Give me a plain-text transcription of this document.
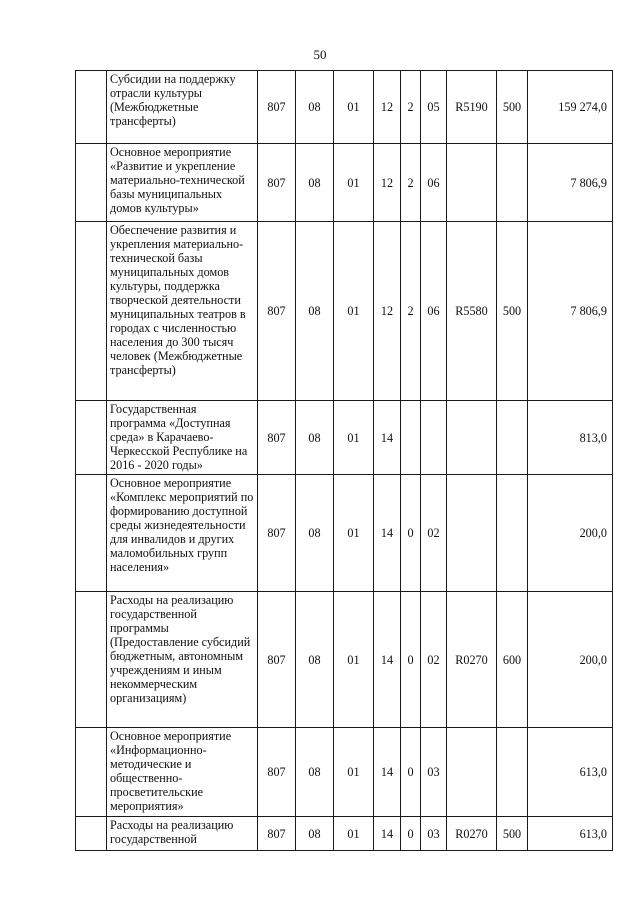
50
	Субсидии на поддержку отрасли культуры (Межбюджетные трансферты)	807	08	01	12	2	05	R5190	500	159 274,0
	Основное мероприятие «Развитие и укрепление материально-технической базы муниципальных домов культуры»	807	08	01	12	2	06			7 806,9
	Обеспечение развития и укрепления материально-технической базы муниципальных домов культуры, поддержка творческой деятельности муниципальных театров в городах с численностью населения до 300 тысяч человек (Межбюджетные трансферты)	807	08	01	12	2	06	R5580	500	7 806,9
	Государственная программа «Доступная среда» в Карачаево-Черкесской Республике на 2016 - 2020 годы»	807	08	01	14					813,0
	Основное мероприятие «Комплекс мероприятий по формированию доступной среды жизнедеятельности для инвалидов и других маломобильных групп населения»	807	08	01	14	0	02			200,0
	Расходы на реализацию государственной программы (Предоставление субсидий бюджетным, автономным учреждениям и иным некоммерческим организациям)	807	08	01	14	0	02	R0270	600	200,0
	Основное мероприятие «Информационно-методические и общественно-просветительские мероприятия»	807	08	01	14	0	03			613,0
	Расходы на реализацию государственной	807	08	01	14	0	03	R0270	500	613,0
